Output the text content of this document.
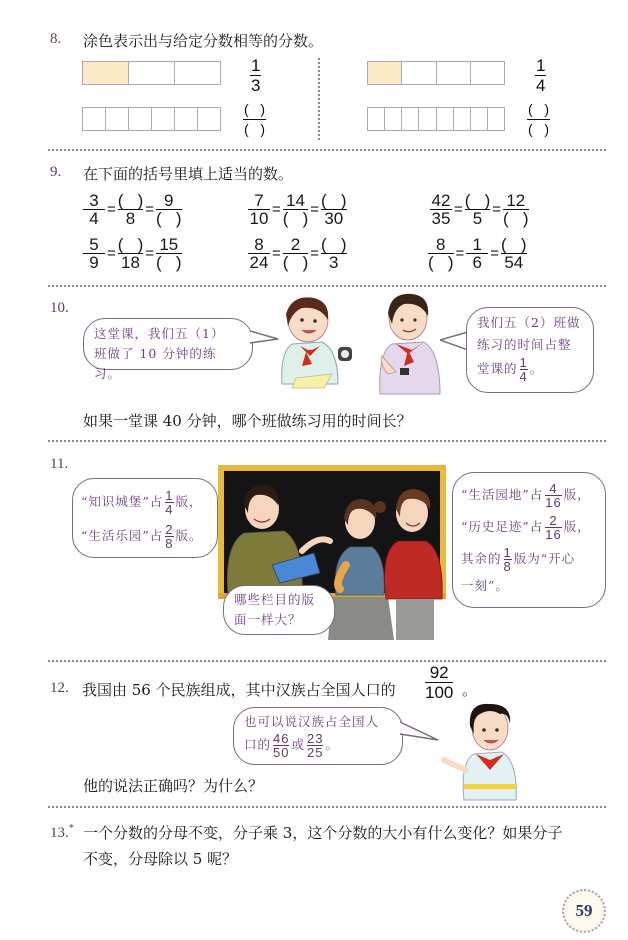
8. 涂色表示出与给定分数相等的分数。
1
3
(   )
(   )
1
4
(   )
(   )
9. 在下面的括号里填上适当的数。
3
4 = (   )
8 = 9
(   )
7
10 = 14
(   ) = (   )
30
42
35 = (   )
5 = 12
(   )
5
9 = (   )
18 = 15
(   )
8
24 = 2
(   ) = (   )
3
8
(   ) = 1
6 = (   )
54
10.
这堂课，我们五（1）
班做了 10 分钟的练习。
我们五（2）班做
练习的时间占整
堂课的 $\frac{1}{4}$ 。
如果一堂课 40 分钟，哪个班做练习用的时间长？
11.
“知识城堡”占 $\frac{1}{4}$ 版，
“生活乐园”占 $\frac{2}{8}$ 版。
哪些栏目的版
面一样大？
“生活园地”占 $\frac{4}{16}$ 版，
“历史足迹”占 $\frac{2}{16}$ 版，
其余的 $\frac{1}{8}$ 版为“开心
一刻”。
12. 我国由 56 个民族组成，其中汉族占全国人口的
92
100 。
也可以说汉族占全国人
口的 $\frac{46}{50}$ 或 $\frac{23}{25}$ 。
他的说法正确吗？为什么？
13.* 一个分数的分母不变，分子乘 3，这个分数的大小有什么变化？如果分子
不变，分母除以 5 呢？
59
